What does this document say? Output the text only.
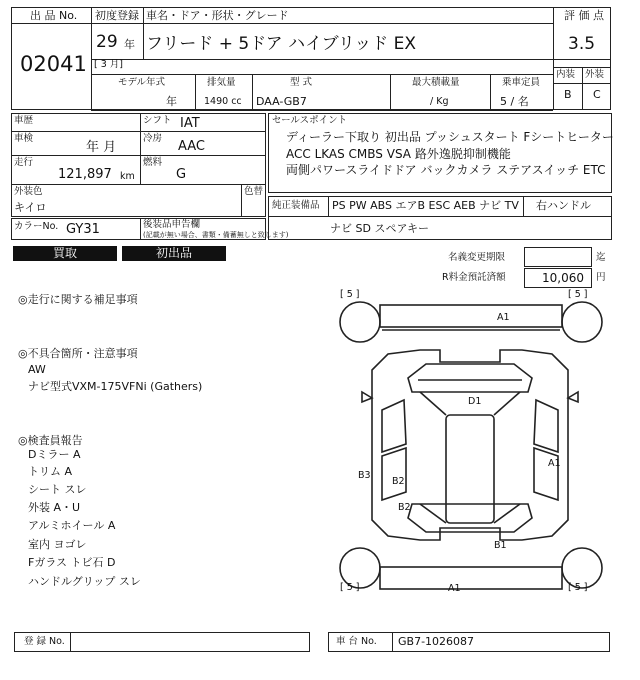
出 品 No.
02041
初度登録
29 年
[ 3 月]
車名・ドア・形状・グレード
フリード + 5ドア ハイブリッド EX
評 価 点
3.5
内装 外装
B C
モデル年式
年
排気量
1490 cc
型 式
DAA-GB7
最大積載量
/ Kg
乗車定員
5 / 名
車歴	シフト IAT
車検
年 月
冷房
AAC
走行
121,897 km
燃料
G
外装色
キイロ
色替
カラーNo. GY31	後装品申告欄
(記載が無い場合、書類・備蓄無しと致します)
セールスポイント
ディーラー下取り 初出品 プッシュスタート Fシートヒーター
ACC LKAS CMBS VSA 路外逸脱抑制機能
両側パワースライドドア バックカメラ ステアスイッチ ETC
純正装備品 PS PW ABS エアB ESC AEB ナビ TV 右ハンドル
ナビ SD スペアキー
買取	初出品	名義変更期限	迄
R料金預託済額	10,060 円
◎走行に関する補足事項
◎不具合箇所・注意事項
AW
ナビ型式VXM-175VFNi (Gathers)
◎検査員報告
Dミラー A
トリム A
シート スレ
外装 A・U
アルミホイール A
室内 ヨゴレ
Fガラス トビ石 D
ハンドルグリップ スレ
[ 5 ]	[ 5 ]
[ 5 ]	[ 5 ]
A1
D1
B3
B2
A1
B2
B1
A1
登 録 No.	車 台 No. GB7-1026087
